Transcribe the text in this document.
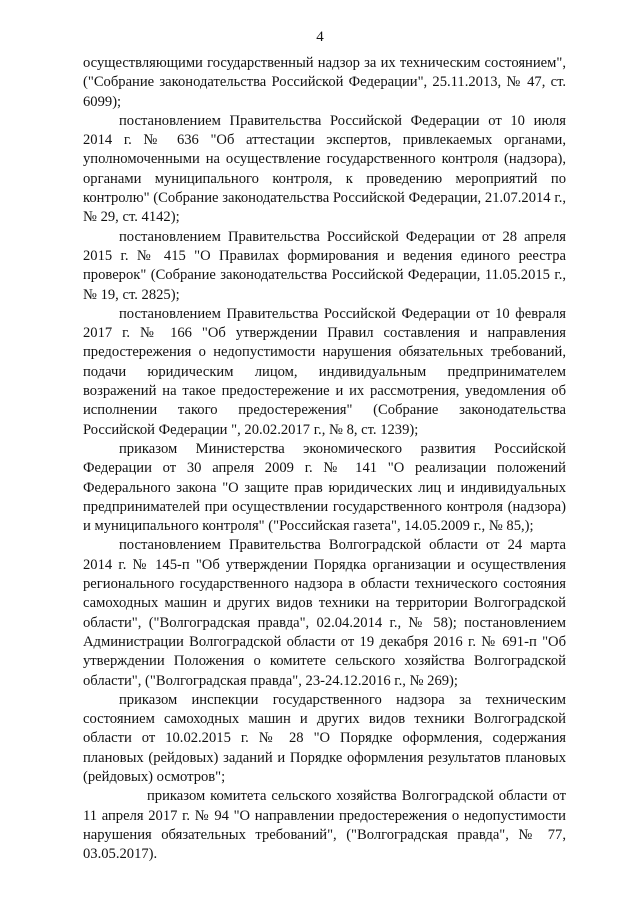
4

осуществляющими государственный надзор за их техническим состоянием", ("Собрание законодательства Российской Федерации", 25.11.2013, № 47, ст. 6099);

постановлением Правительства Российской Федерации от 10 июля 2014 г. № 636 "Об аттестации экспертов, привлекаемых органами, уполномоченными на осуществление государственного контроля (надзора), органами муниципального контроля, к проведению мероприятий по контролю" (Собрание законодательства Российской Федерации, 21.07.2014 г., № 29, ст. 4142);

постановлением Правительства Российской Федерации от 28 апреля 2015 г. № 415 "О Правилах формирования и ведения единого реестра проверок" (Собрание законодательства Российской Федерации, 11.05.2015 г., № 19, ст. 2825);

постановлением Правительства Российской Федерации от 10 февраля 2017 г. № 166 "Об утверждении Правил составления и направления предостережения о недопустимости нарушения обязательных требований, подачи юридическим лицом, индивидуальным предпринимателем возражений на такое предостережение и их рассмотрения, уведомления об исполнении такого предостережения" (Собрание законодательства Российской Федерации ", 20.02.2017 г., № 8, ст. 1239);

приказом Министерства экономического развития Российской Федерации от 30 апреля 2009 г. № 141 "О реализации положений Федерального закона "О защите прав юридических лиц и индивидуальных предпринимателей при осуществлении государственного контроля (надзора) и муниципального контроля" ("Российская газета", 14.05.2009 г., № 85,);

постановлением Правительства Волгоградской области от 24 марта 2014 г. № 145-п "Об утверждении Порядка организации и осуществления регионального государственного надзора в области технического состояния самоходных машин и других видов техники на территории Волгоградской области", ("Волгоградская правда", 02.04.2014 г., № 58); постановлением Администрации Волгоградской области от 19 декабря 2016 г. № 691-п "Об утверждении Положения о комитете сельского хозяйства Волгоградской области", ("Волгоградская правда", 23-24.12.2016 г., № 269);

приказом инспекции государственного надзора за техническим состоянием самоходных машин и других видов техники Волгоградской области от 10.02.2015 г. № 28 "О Порядке оформления, содержания плановых (рейдовых) заданий и Порядке оформления результатов плановых (рейдовых) осмотров";

приказом комитета сельского хозяйства Волгоградской области от 11 апреля 2017 г. № 94 "О направлении предостережения о недопустимости нарушения обязательных требований", ("Волгоградская правда", № 77, 03.05.2017).
